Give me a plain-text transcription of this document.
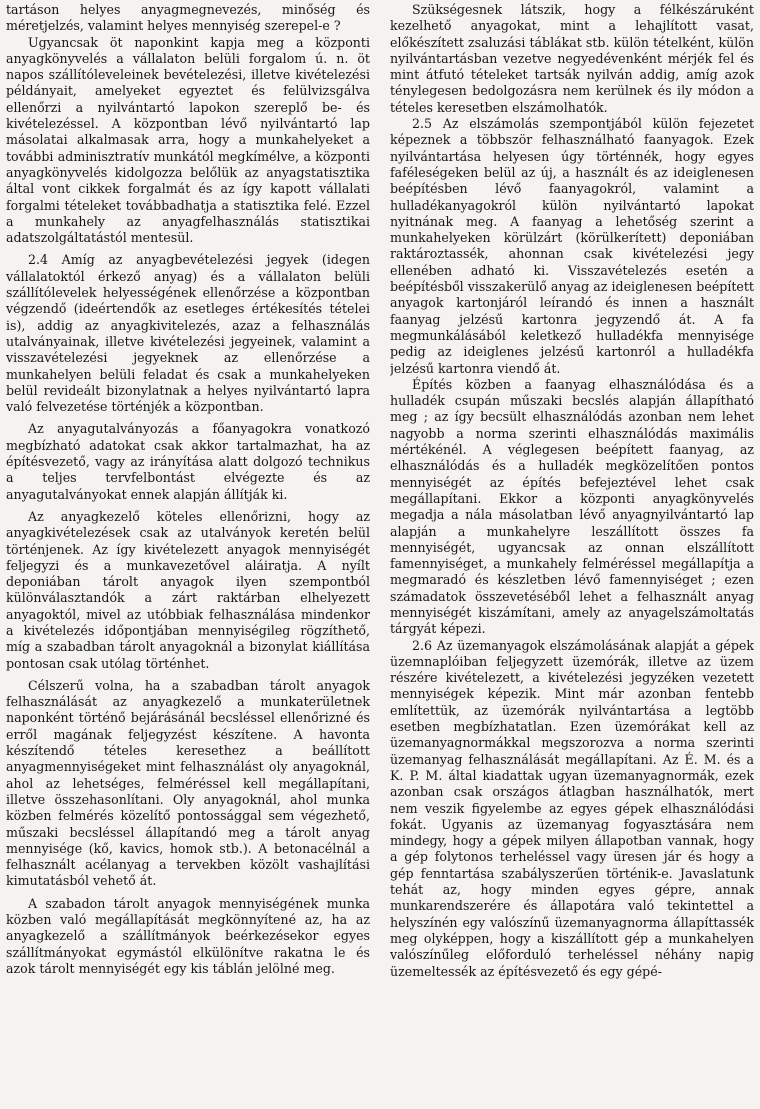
tartáson helyes anyagmegnevezés, minőség és méretjelzés, valamint helyes mennyiség szerepel-e ?

Ugyancsak öt naponkint kapja meg a központi anyagkönyvelés a vállalaton belüli forgalom ú. n. öt napos szállítóleveleinek bevételezési, illetve kivételezési példányait, amelyeket egyeztet és felülvizsgálva ellenőrzi a nyilvántartó lapokon szereplő be- és kivételezéssel. A központban lévő nyilvántartó lap másolatai alkalmasak arra, hogy a munkahelyeket a további adminisztratív munkától megkímélve, a központi anyagkönyvelés kidolgozza belőlük az anyagstatisztika által vont cikkek forgalmát és az így kapott vállalati forgalmi tételeket továbbadhatja a statisztika felé. Ezzel a munkahely az anyagfelhasználás statisztikai adatszolgáltatástól mentesül.

2.4 Amíg az anyagbevételezési jegyek (idegen vállalatoktól érkező anyag) és a vállalaton belüli szállítólevelek helyességének ellenőrzése a központban végzendő (ideértendők az esetleges értékesítés tételei is), addig az anyagkivitelezés, azaz a felhasználás utalványainak, illetve kivételezési jegyeinek, valamint a visszavételezési jegyeknek az ellenőrzése a munkahelyen belüli feladat és csak a munkahelyeken belül revideált bizonylatnak a helyes nyilvántartó lapra való felvezetése történjék a központban.

Az anyagutalványozás a főanyagokra vonatkozó megbízható adatokat csak akkor tartalmazhat, ha az építésvezető, vagy az irányítása alatt dolgozó technikus a teljes tervfelbontást elvégezte és az anyagutalványokat ennek alapján állítják ki.

Az anyagkezelő köteles ellenőrizni, hogy az anyagkivételezések csak az utalványok keretén belül történjenek. Az így kivételezett anyagok mennyiségét feljegyzi és a munkavezetővel aláiratja. A nyílt deponiában tárolt anyagok ilyen szempontból különválasztandók a zárt raktárban elhelyezett anyagoktól, mivel az utóbbiak felhasználása mindenkor a kivételezés időpontjában mennyiségileg rögzíthető, míg a szabadban tárolt anyagoknál a bizonylat kiállítása pontosan csak utólag történhet.

Célszerű volna, ha a szabadban tárolt anyagok felhasználását az anyagkezelő a munkaterületnek naponként történő bejárásánál becsléssel ellenőrizné és erről magának feljegyzést készítene. A havonta készítendő tételes keresethez a beállított anyagmennyiségeket mint felhasználást oly anyagoknál, ahol az lehetséges, felméréssel kell megállapítani, illetve összehasonlítani. Oly anyagoknál, ahol munka közben felmérés közelítő pontossággal sem végezhető, műszaki becsléssel állapítandó meg a tárolt anyag mennyisége (kő, kavics, homok stb.). A betonacélnál a felhasznált acélanyag a tervekben közölt vashajlítási kimutatásból vehető át.

A szabadon tárolt anyagok mennyiségének munka közben való megállapítását megkönnyítené az, ha az anyagkezelő a szállítmányok beérkezésekor egyes szállítmányokat egymástól elkülönítve rakatna le és azok tárolt mennyiségét egy kis táblán jelölné meg.

Szükségesnek látszik, hogy a félkészáruként kezelhető anyagokat, mint a lehajlított vasat, előkészített zsaluzási táblákat stb. külön tételként, külön nyilvántartásban vezetve negyedévenként mérjék fel és mint átfutó tételeket tartsák nyilván addig, amíg azok ténylegesen bedolgozásra nem kerülnek és ily módon a tételes keresetben elszámolhatók.

2.5 Az elszámolás szempontjából külön fejezetet képeznek a többször felhasználható faanyagok. Ezek nyilvántartása helyesen úgy történnék, hogy egyes faféleségeken belül az új, a használt és az ideiglenesen beépítésben lévő faanyagokról, valamint a hulladékanyagokról külön nyilvántartó lapokat nyitnának meg. A faanyag a lehetőség szerint a munkahelyeken körülzárt (körülkerített) deponiában raktároztassék, ahonnan csak kivételezési jegy ellenében adható ki. Visszavételezés esetén a beépítésből visszakerülő anyag az ideiglenesen beépített anyagok kartonjáról leírandó és innen a használt faanyag jelzésű kartonra jegyzendő át. A fa megmunkálásából keletkező hulladékfa mennyisége pedig az ideiglenes jelzésű kartonról a hulladékfa jelzésű kartonra viendő át.

Építés közben a faanyag elhasználódása és a hulladék csupán műszaki becslés alapján állapítható meg ; az így becsült elhasználódás azonban nem lehet nagyobb a norma szerinti elhasználódás maximális mértékénél. A véglegesen beépített faanyag, az elhasználódás és a hulladék megközelítően pontos mennyiségét az építés befejeztével lehet csak megállapítani. Ekkor a központi anyagkönyvelés megadja a nála másolatban lévő anyagnyilvántartó lap alapján a munkahelyre leszállított összes fa mennyiségét, ugyancsak az onnan elszállított famennyiséget, a munkahely felméréssel megállapítja a megmaradó és készletben lévő famennyiséget ; ezen számadatok összevetéséből lehet a felhasznált anyag mennyiségét kiszámítani, amely az anyagelszámoltatás tárgyát képezi.

2.6 Az üzemanyagok elszámolásának alapját a gépek üzemnaplóiban feljegyzett üzemórák, illetve az üzem részére kivételezett, a kivételezési jegyzéken vezetett mennyiségek képezik. Mint már azonban fentebb említettük, az üzemórák nyilvántartása a legtöbb esetben megbízhatatlan. Ezen üzemórákat kell az üzemanyagnormákkal megszorozva a norma szerinti üzemanyag felhasználását megállapítani. Az É. M. és a K. P. M. által kiadattak ugyan üzemanyagnormák, ezek azonban csak országos átlagban használhatók, mert nem veszik figyelembe az egyes gépek elhasználódási fokát. Ugyanis az üzemanyag fogyasztására nem mindegy, hogy a gépek milyen állapotban vannak, hogy a gép folytonos terheléssel vagy üresen jár és hogy a gép fenntartása szabályszerűen történik-e. Javaslatunk tehát az, hogy minden egyes gépre, annak munkarendszerére és állapotára való tekintettel a helyszínén egy valószínű üzemanyagnorma állapíttassék meg olyképpen, hogy a kiszállított gép a munkahelyen valószínűleg előforduló terheléssel néhány napig üzemeltessék az építésvezető és egy gépé-
